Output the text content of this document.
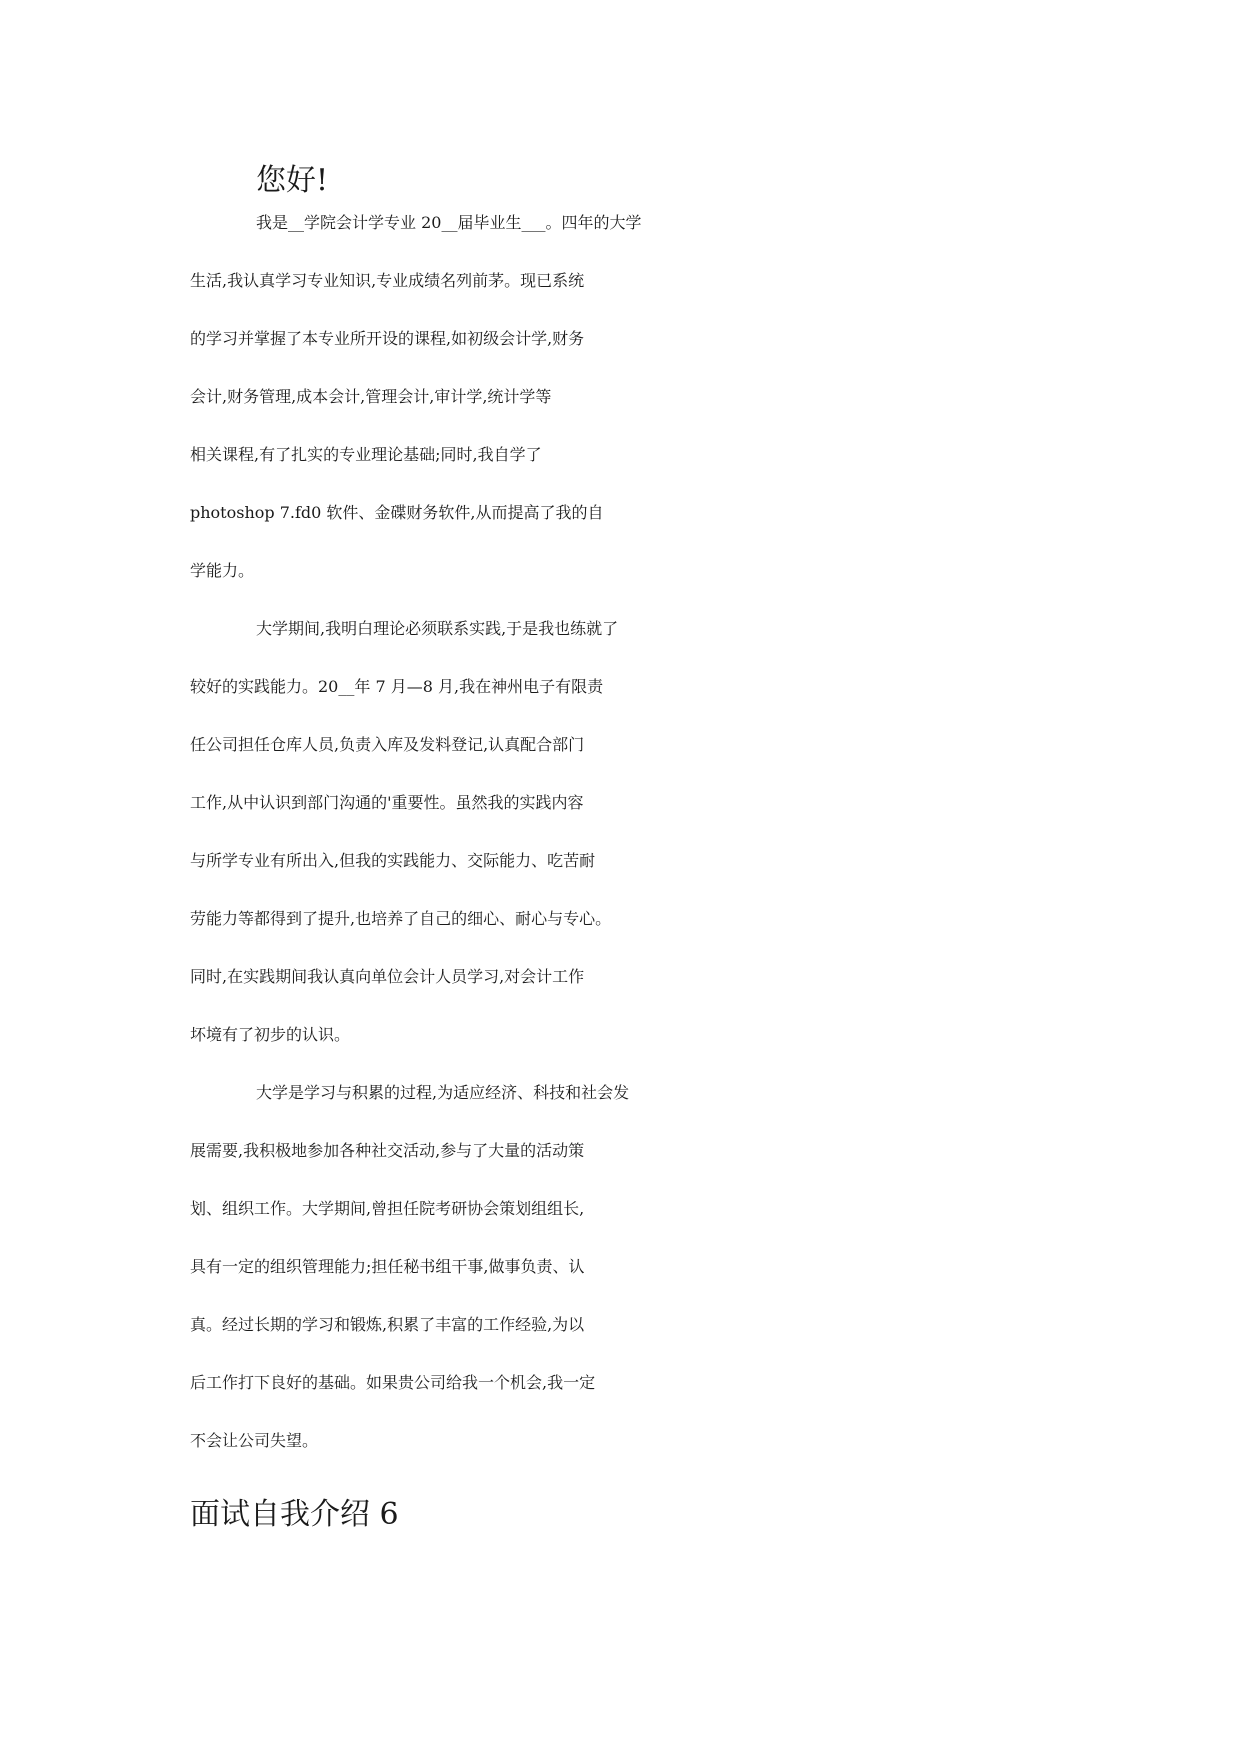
您好!

我是__学院会计学专业 20__届毕业生___。四年的大学
生活,我认真学习专业知识,专业成绩名列前茅。现已系统
的学习并掌握了本专业所开设的课程,如初级会计学,财务
会计,财务管理,成本会计,管理会计,审计学,统计学等
相关课程,有了扎实的专业理论基础;同时,我自学了
photoshop 7.fd0 软件、金碟财务软件,从而提高了我的自
学能力。
大学期间,我明白理论必须联系实践,于是我也练就了
较好的实践能力。20__年 7 月—8 月,我在神州电子有限责
任公司担任仓库人员,负责入库及发料登记,认真配合部门
工作,从中认识到部门沟通的'重要性。虽然我的实践内容
与所学专业有所出入,但我的实践能力、交际能力、吃苦耐
劳能力等都得到了提升,也培养了自己的细心、耐心与专心。
同时,在实践期间我认真向单位会计人员学习,对会计工作
坏境有了初步的认识。
大学是学习与积累的过程,为适应经济、科技和社会发
展需要,我积极地参加各种社交活动,参与了大量的活动策
划、组织工作。大学期间,曾担任院考研协会策划组组长,
具有一定的组织管理能力;担任秘书组干事,做事负责、认
真。经过长期的学习和锻炼,积累了丰富的工作经验,为以
后工作打下良好的基础。如果贵公司给我一个机会,我一定
不会让公司失望。

面试自我介绍 6
